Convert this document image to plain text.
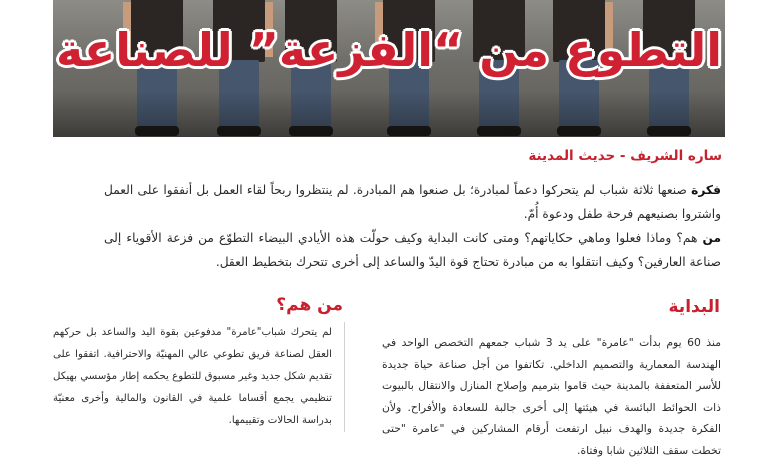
التطوع من “الفزعة” للصناعة
ساره الشريف - حديث المدينة

فكرة صنعها ثلاثة شباب لم يتحركوا دعماً لمبادرة؛ بل صنعوا هم المبادرة. لم ينتظروا ربحاً لقاء العمل بل أنفقوا على العمل واشتروا بصنيعهم فرحة طفل ودعوة أُمّ.

من هم؟ وماذا فعلوا وماهي حكاياتهم؟ ومتى كانت البداية وكيف حولّت هذه الأيادي البيضاء التطوّع من فزعة الأقوياء إلى صناعة العارفين؟ وكيف انتقلوا به من مبادرة تحتاج قوة اليدّ والساعد إلى أخرى تتحرك بتخطيط العقل.

من هم؟
لم يتحرك شباب"عامرة" مدفوعين بقوة اليد والساعد بل حركهم العقل لصناعة فريق تطوعي عالي المهنيّة والاحترافية. اتفقوا على تقديم شكل جديد وغير مسبوق للتطوع يحكمه إطار مؤسسي بهيكل تنظيمي يجمع أقساما علمية في القانون والمالية وأخرى معنيّة بدراسة الحالات وتقييمها.
البداية
منذ 60 يوم بدأت "عامرة" على يد 3 شباب جمعهم التخصص الواحد في الهندسة المعمارية والتصميم الداخلي. تكاتفوا من أجل صناعة حياة جديدة للأسر المتعففة بالمدينة حيث قاموا بترميم وإصلاح المنازل والانتقال بالبيوت ذات الحوائط البائسة في هيئتها إلى أخرى جالبة للسعادة والأفراح. ولأن الفكرة جديدة والهدف نبيل ارتفعت أرقام المشاركين في "عامرة "حتى تخطت سقف الثلاثين شابا وفتاة.
